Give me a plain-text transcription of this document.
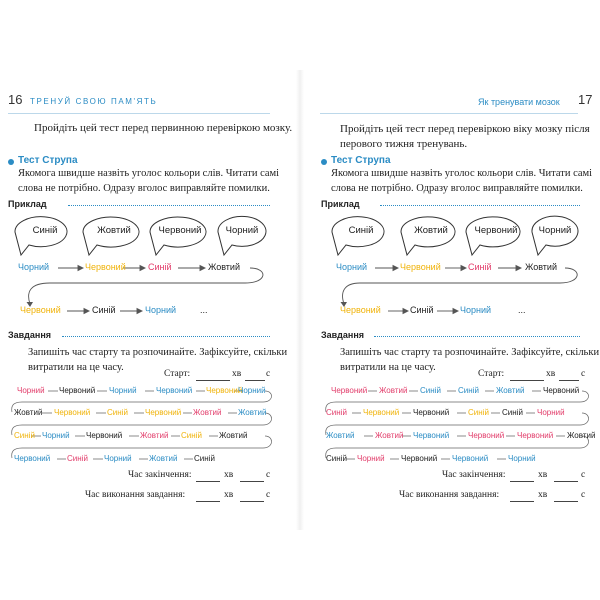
16 ТРЕНУЙ СВОЮ ПАМ'ЯТЬ
Пройдіть цей тест перед первинною перевіркою мозку.
Тест Струпа
Якомога швидше назвіть уголос кольори слів. Читати самі
слова не потрібно. Одразу вголос виправляйте помилки.
Приклад
Синій	Жовтий	Червоний	Чорний
Чорний	Червоний Синій	Жовтий
Червоний	Синій	Чорний	...
Завдання
Запишіть час старту та розпочинайте. Зафіксуйте, скільки
витратили на це часу.
Старт:	хв	с
Чорний Червоний Чорний Червоний Червоний
Чорний
Жовтий Червоний Синій Червоний Жовтий Жовтий
Синій Чорний Червоний Жовтий Синій Жовтий
Червоний Синій Чорний Жовтий Синій
Час закінчення:	хв	с
Час виконання завдання:	хв	с
Як тренувати мозок 17
Пройдіть цей тест перед перевіркою віку мозку після
перового тижня тренувань.
Тест Струпа
Якомога швидше назвіть уголос кольори слів. Читати самі
слова не потрібно. Одразу вголос виправляйте помилки.
Приклад
Синій	Жовтий	Червоний	Чорний
Чорний	Червоний	Синій	Жовтий
Червоний	Синій	Чорний	...
Завдання
Запишіть час старту та розпочинайте. Зафіксуйте, скільки
витратили на це часу.
Старт:	хв	с
Червоний Жовтий Синій Синій Жовтий Червоний
Синій Червоний Червоний Синій Синій Чорний
Жовтий	Жовтий Червоний Червоний Червоний Жовтий
Синій Чорний Червоний Червоний Чорний
Час закінчення:	хв	с
Час виконання завдання:	хв	с
